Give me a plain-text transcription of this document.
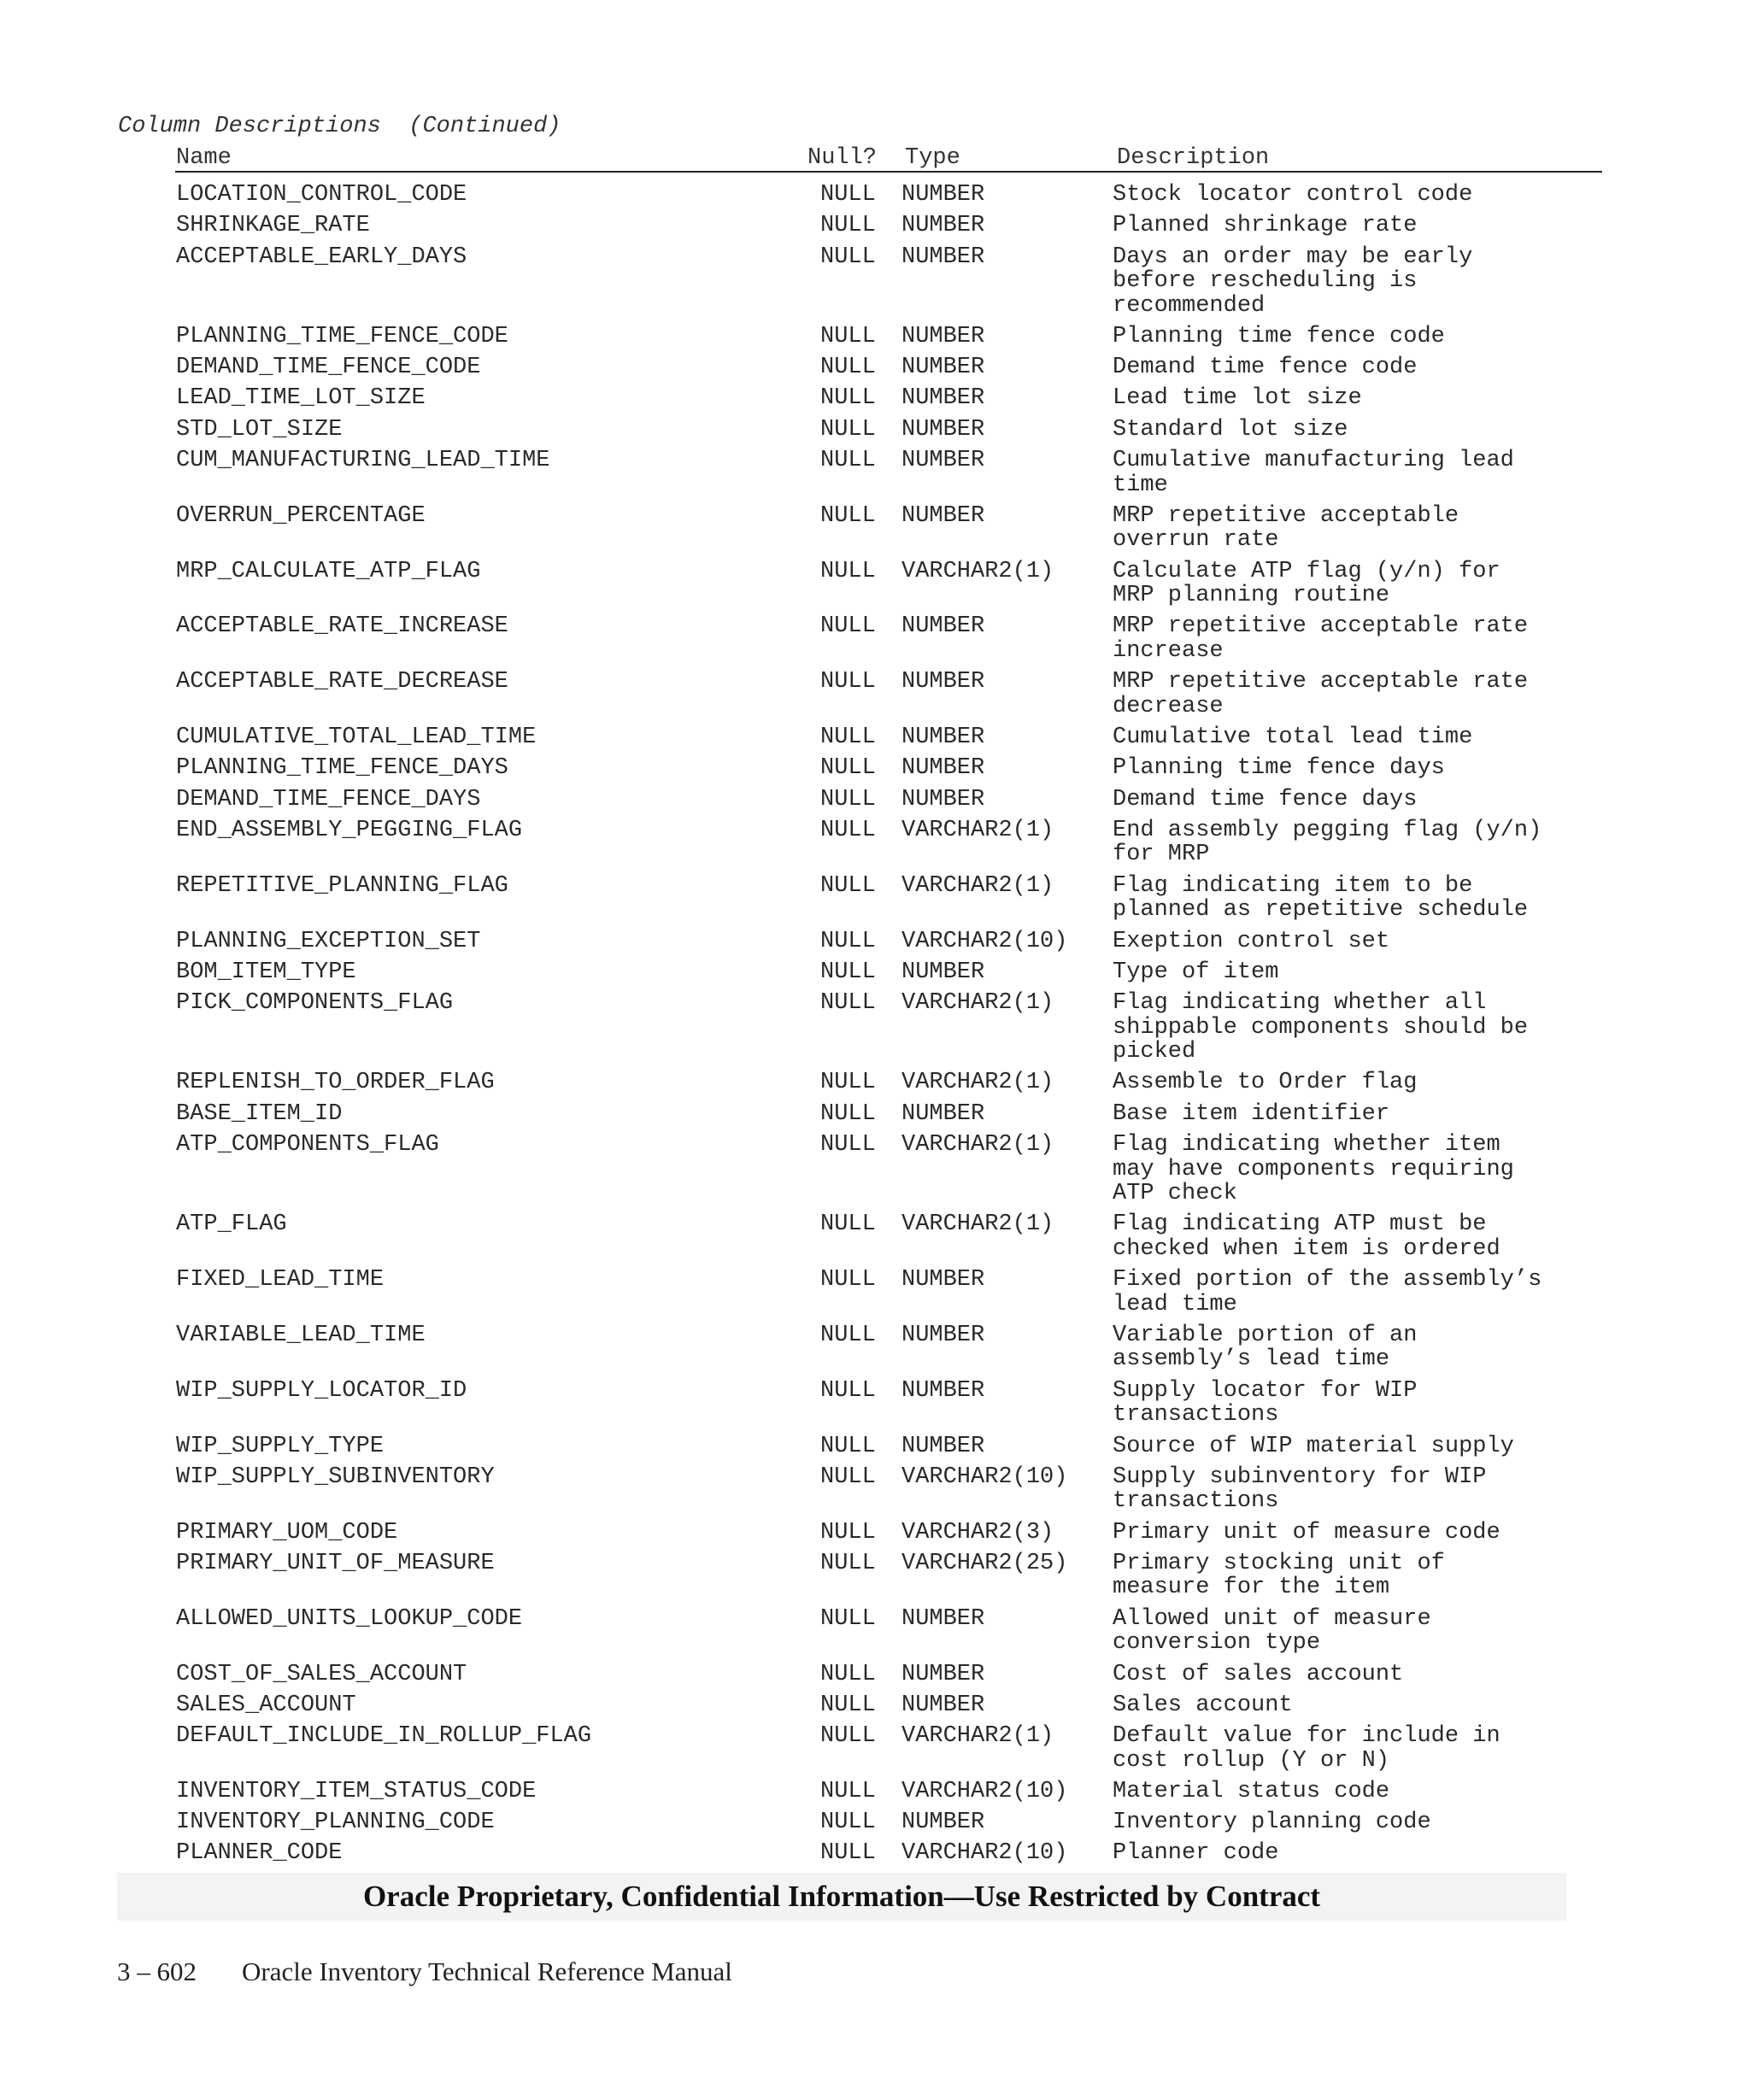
Column Descriptions  (Continued)
Name	Null? Type	Description
LOCATION_CONTROL_CODE	NULL NUMBER	Stock locator control code
SHRINKAGE_RATE	NULL NUMBER	Planned shrinkage rate
ACCEPTABLE_EARLY_DAYS	NULL NUMBER	Days an order may be early
before rescheduling is
recommended
PLANNING_TIME_FENCE_CODE	NULL NUMBER	Planning time fence code
DEMAND_TIME_FENCE_CODE	NULL NUMBER	Demand time fence code
LEAD_TIME_LOT_SIZE	NULL NUMBER	Lead time lot size
STD_LOT_SIZE	NULL NUMBER	Standard lot size
CUM_MANUFACTURING_LEAD_TIME	NULL NUMBER	Cumulative manufacturing lead
time
OVERRUN_PERCENTAGE	NULL NUMBER	MRP repetitive acceptable
overrun rate
MRP_CALCULATE_ATP_FLAG	NULL VARCHAR2(1)	Calculate ATP flag (y/n) for
MRP planning routine
ACCEPTABLE_RATE_INCREASE	NULL NUMBER	MRP repetitive acceptable rate
increase
ACCEPTABLE_RATE_DECREASE	NULL NUMBER	MRP repetitive acceptable rate
decrease
CUMULATIVE_TOTAL_LEAD_TIME	NULL NUMBER	Cumulative total lead time
PLANNING_TIME_FENCE_DAYS	NULL NUMBER	Planning time fence days
DEMAND_TIME_FENCE_DAYS	NULL NUMBER	Demand time fence days
END_ASSEMBLY_PEGGING_FLAG	NULL VARCHAR2(1)	End assembly pegging flag (y/n)
for MRP
REPETITIVE_PLANNING_FLAG	NULL VARCHAR2(1)	Flag indicating item to be
planned as repetitive schedule
PLANNING_EXCEPTION_SET	NULL VARCHAR2(10) Exeption control set
BOM_ITEM_TYPE	NULL NUMBER	Type of item
PICK_COMPONENTS_FLAG	NULL VARCHAR2(1)	Flag indicating whether all
shippable components should be
picked
REPLENISH_TO_ORDER_FLAG	NULL VARCHAR2(1)	Assemble to Order flag
BASE_ITEM_ID	NULL NUMBER	Base item identifier
ATP_COMPONENTS_FLAG	NULL VARCHAR2(1)	Flag indicating whether item
may have components requiring
ATP check
ATP_FLAG	NULL VARCHAR2(1)	Flag indicating ATP must be
checked when item is ordered
FIXED_LEAD_TIME	NULL NUMBER	Fixed portion of the assembly’s
lead time
VARIABLE_LEAD_TIME	NULL NUMBER	Variable portion of an
assembly’s lead time
WIP_SUPPLY_LOCATOR_ID	NULL NUMBER	Supply locator for WIP
transactions
WIP_SUPPLY_TYPE	NULL NUMBER	Source of WIP material supply
WIP_SUPPLY_SUBINVENTORY	NULL VARCHAR2(10) Supply subinventory for WIP
transactions
PRIMARY_UOM_CODE	NULL VARCHAR2(3)	Primary unit of measure code
PRIMARY_UNIT_OF_MEASURE	NULL VARCHAR2(25) Primary stocking unit of
measure for the item
ALLOWED_UNITS_LOOKUP_CODE	NULL NUMBER	Allowed unit of measure
conversion type
COST_OF_SALES_ACCOUNT	NULL NUMBER	Cost of sales account
SALES_ACCOUNT	NULL NUMBER	Sales account
DEFAULT_INCLUDE_IN_ROLLUP_FLAG	NULL VARCHAR2(1)	Default value for include in
cost rollup (Y or N)
INVENTORY_ITEM_STATUS_CODE	NULL VARCHAR2(10) Material status code
INVENTORY_PLANNING_CODE	NULL NUMBER	Inventory planning code
PLANNER_CODE	NULL VARCHAR2(10) Planner code
Oracle Proprietary, Confidential Information––Use Restricted by Contract

3 – 602

Oracle Inventory Technical Reference Manual
